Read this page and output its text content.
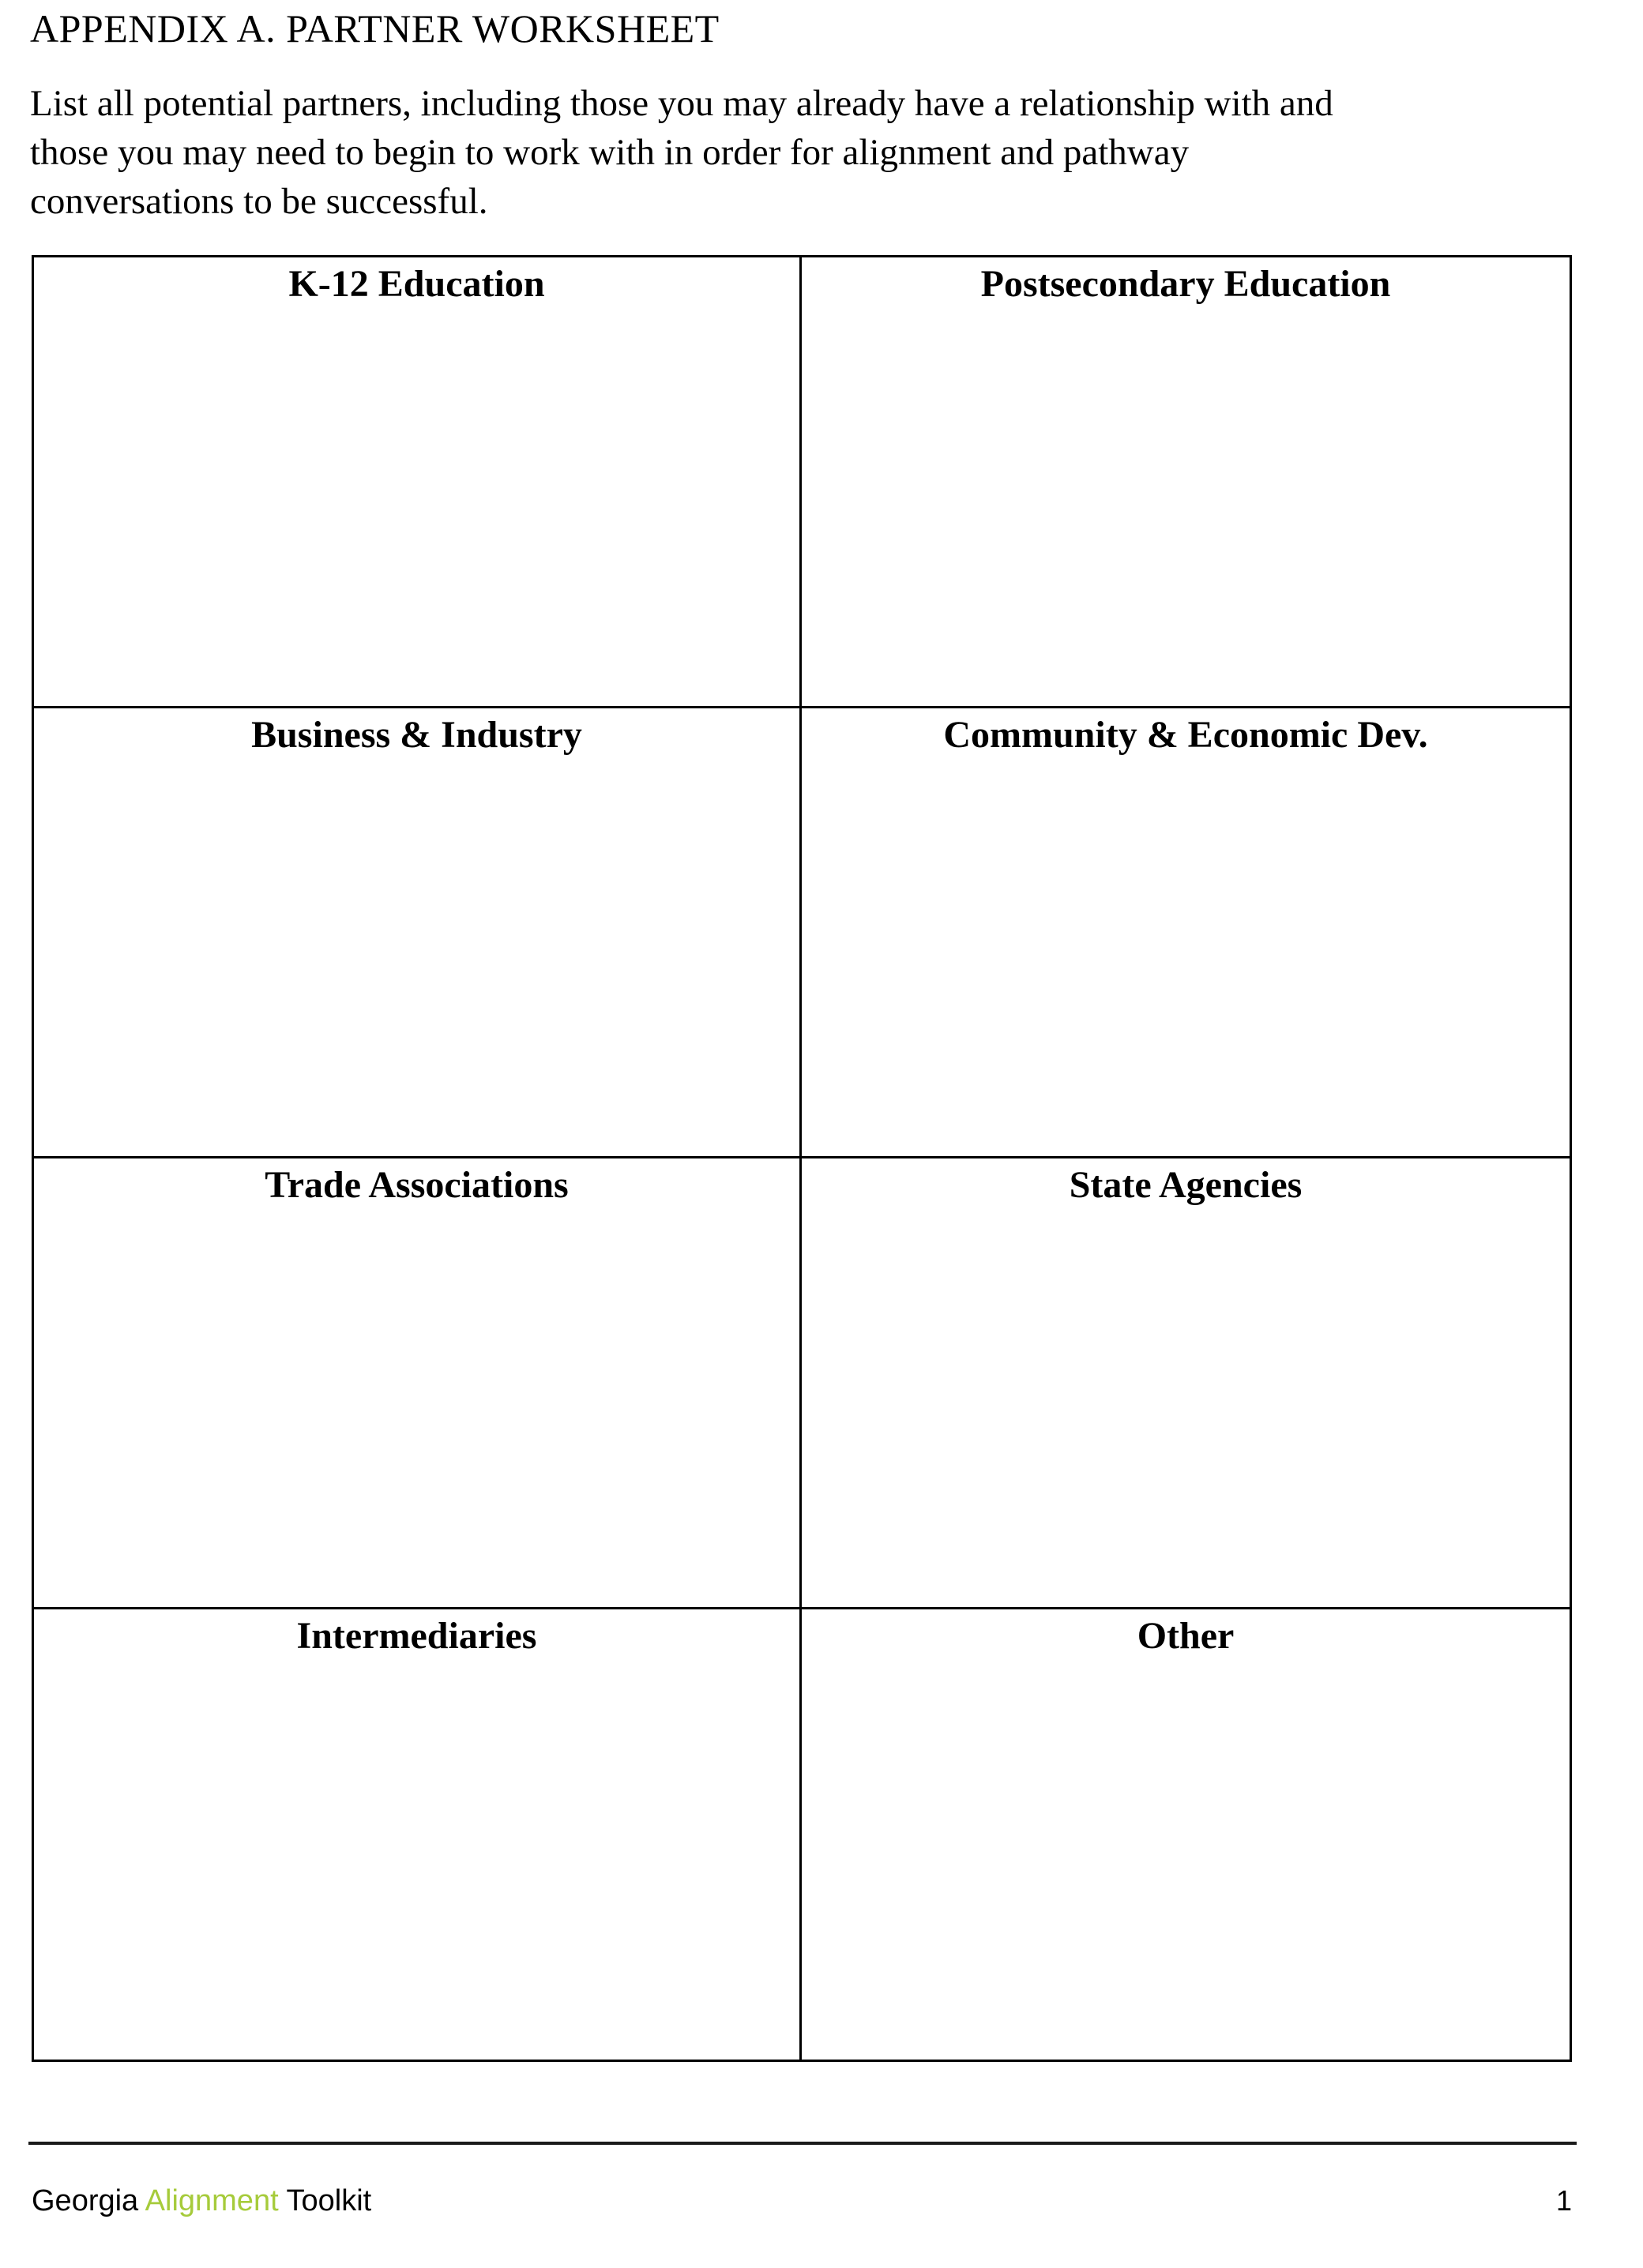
APPENDIX A. PARTNER WORKSHEET
List all potential partners, including those you may already have a relationship with and
those you may need to begin to work with in order for alignment and pathway
conversations to be successful.
K-12 Education	Postsecondary Education
Business & Industry	Community & Economic Dev.
Trade Associations	State Agencies
Intermediaries	Other
Georgia Alignment Toolkit	1
